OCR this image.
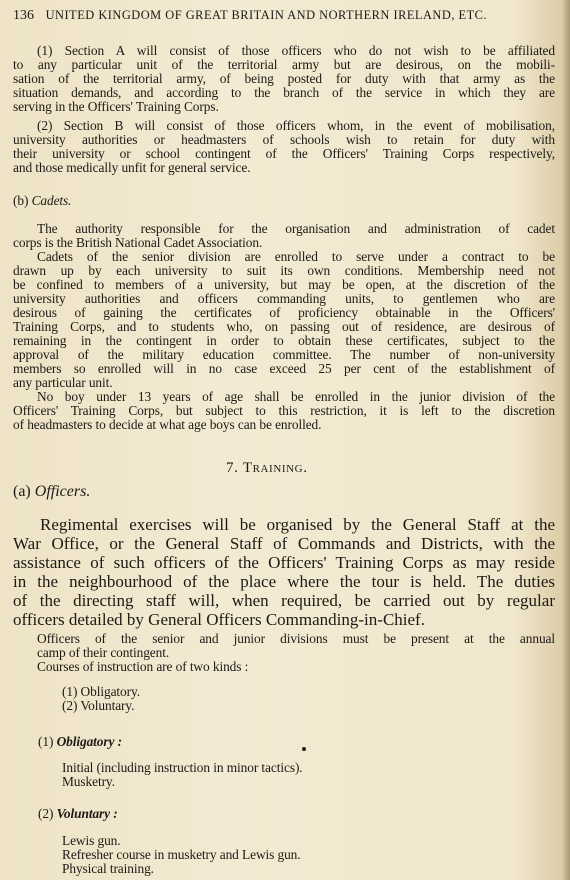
136 UNITED KINGDOM OF GREAT BRITAIN AND NORTHERN IRELAND, ETC.
(1) Section A will consist of those officers who do not wish to be affiliated
to any particular unit of the territorial army but are desirous, on the mobili-
sation of the territorial army, of being posted for duty with that army as the
situation demands, and according to the branch of the service in which they are
serving in the Officers' Training Corps.
(2) Section B will consist of those officers whom, in the event of mobilisation,
university authorities or headmasters of schools wish to retain for duty with
their university or school contingent of the Officers' Training Corps respectively,
and those medically unfit for general service.
(b) Cadets.
The authority responsible for the organisation and administration of cadet
corps is the British National Cadet Association.
Cadets of the senior division are enrolled to serve under a contract to be
drawn up by each university to suit its own conditions. Membership need not
be confined to members of a university, but may be open, at the discretion of the
university authorities and officers commanding units, to gentlemen who are
desirous of gaining the certificates of proficiency obtainable in the Officers'
Training Corps, and to students who, on passing out of residence, are desirous of
remaining in the contingent in order to obtain these certificates, subject to the
approval of the military education committee. The number of non-university
members so enrolled will in no case exceed 25 per cent of the establishment of
any particular unit.
No boy under 13 years of age shall be enrolled in the junior division of the
Officers' Training Corps, but subject to this restriction, it is left to the discretion
of headmasters to decide at what age boys can be enrolled.
7. Training.
(a) Officers.
Regimental exercises will be organised by the General Staff at the
War Office, or the General Staff of Commands and Districts, with the
assistance of such officers of the Officers' Training Corps as may reside
in the neighbourhood of the place where the tour is held. The duties
of the directing staff will, when required, be carried out by regular
officers detailed by General Officers Commanding-in-Chief.
Officers of the senior and junior divisions must be present at the annual
camp of their contingent.
Courses of instruction are of two kinds :
(1) Obligatory.
(2) Voluntary.
(1) Obligatory :
Initial (including instruction in minor tactics).
Musketry.
(2) Voluntary :
Lewis gun.
Refresher course in musketry and Lewis gun.
Physical training.
